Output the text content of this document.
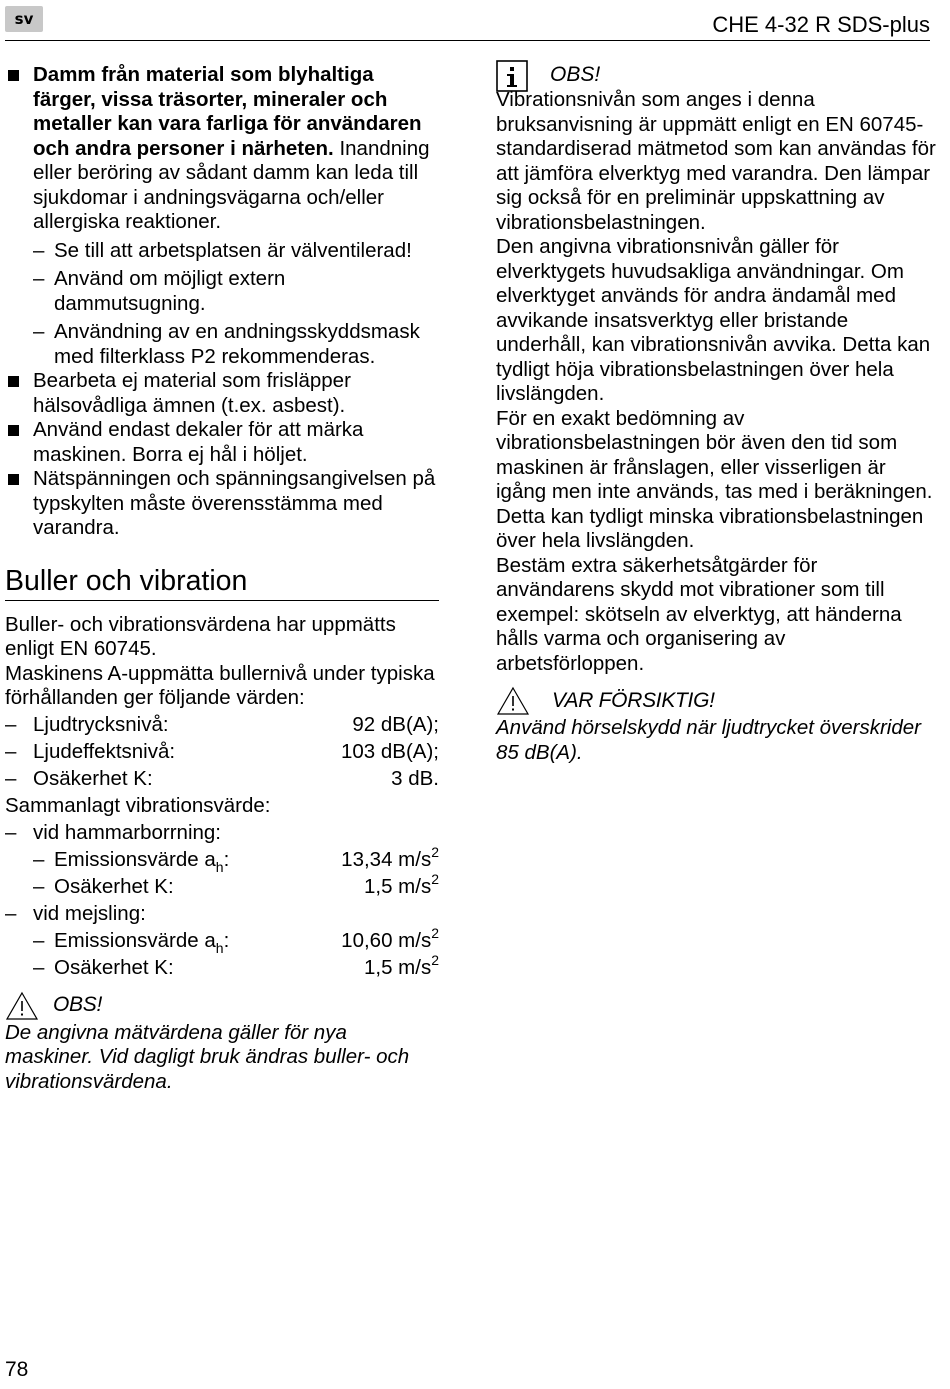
sv	CHE 4-32 R SDS-plus
Damm från material som blyhaltiga färger, vissa träsorter, mineraler och metaller kan vara farliga för användaren och andra personer i närheten. Inandning eller beröring av sådant damm kan leda till sjukdomar i andningsvägarna och/eller allergiska reaktioner.
– Se till att arbetsplatsen är välventilerad!
– Använd om möjligt extern dammutsugning.
– Användning av en andningsskyddsmask med filterklass P2 rekommenderas.
Bearbeta ej material som frisläpper hälsovådliga ämnen (t.ex. asbest).
Använd endast dekaler för att märka maskinen. Borra ej hål i höljet.
Nätspänningen och spänningsangivelsen på typskylten måste överensstämma med varandra.
Buller och vibration
Buller- och vibrationsvärdena har uppmätts enligt EN 60745.
Maskinens A-uppmätta bullernivå under typiska förhållanden ger följande värden:
– Ljudtrycksnivå:	92 dB(A);
– Ljudeffektsnivå:	103 dB(A);
– Osäkerhet K:	3 dB.
Sammanlagt vibrationsvärde:
– vid hammarborrning:
– Emissionsvärde $a_h$:	13,34 $m/s^2$
– Osäkerhet K:	1,5 $m/s^2$
– vid mejsling:
– Emissionsvärde $a_h$:	10,60 $m/s^2$
– Osäkerhet K:	1,5 $m/s^2$
OBS!
De angivna mätvärdena gäller för nya maskiner. Vid dagligt bruk ändras buller- och vibrationsvärdena.
OBS!
Vibrationsnivån som anges i denna bruksanvisning är uppmätt enligt en EN 60745-standardiserad mätmetod som kan användas för att jämföra elverktyg med varandra. Den lämpar sig också för en preliminär uppskattning av vibrationsbelastningen.
Den angivna vibrationsnivån gäller för elverktygets huvudsakliga användningar. Om elverktyget används för andra ändamål med avvikande insatsverktyg eller bristande underhåll, kan vibrationsnivån avvika. Detta kan tydligt höja vibrationsbelastningen över hela livslängden.
För en exakt bedömning av vibrationsbelastningen bör även den tid som maskinen är frånslagen, eller visserligen är igång men inte används, tas med i beräkningen. Detta kan tydligt minska vibrationsbelastningen över hela livslängden.
Bestäm extra säkerhetsåtgärder för användarens skydd mot vibrationer som till exempel: skötseln av elverktyg, att händerna hålls varma och organisering av arbetsförloppen.
VAR FÖRSIKTIG!
Använd hörselskydd när ljudtrycket överskrider 85 dB(A).
78
